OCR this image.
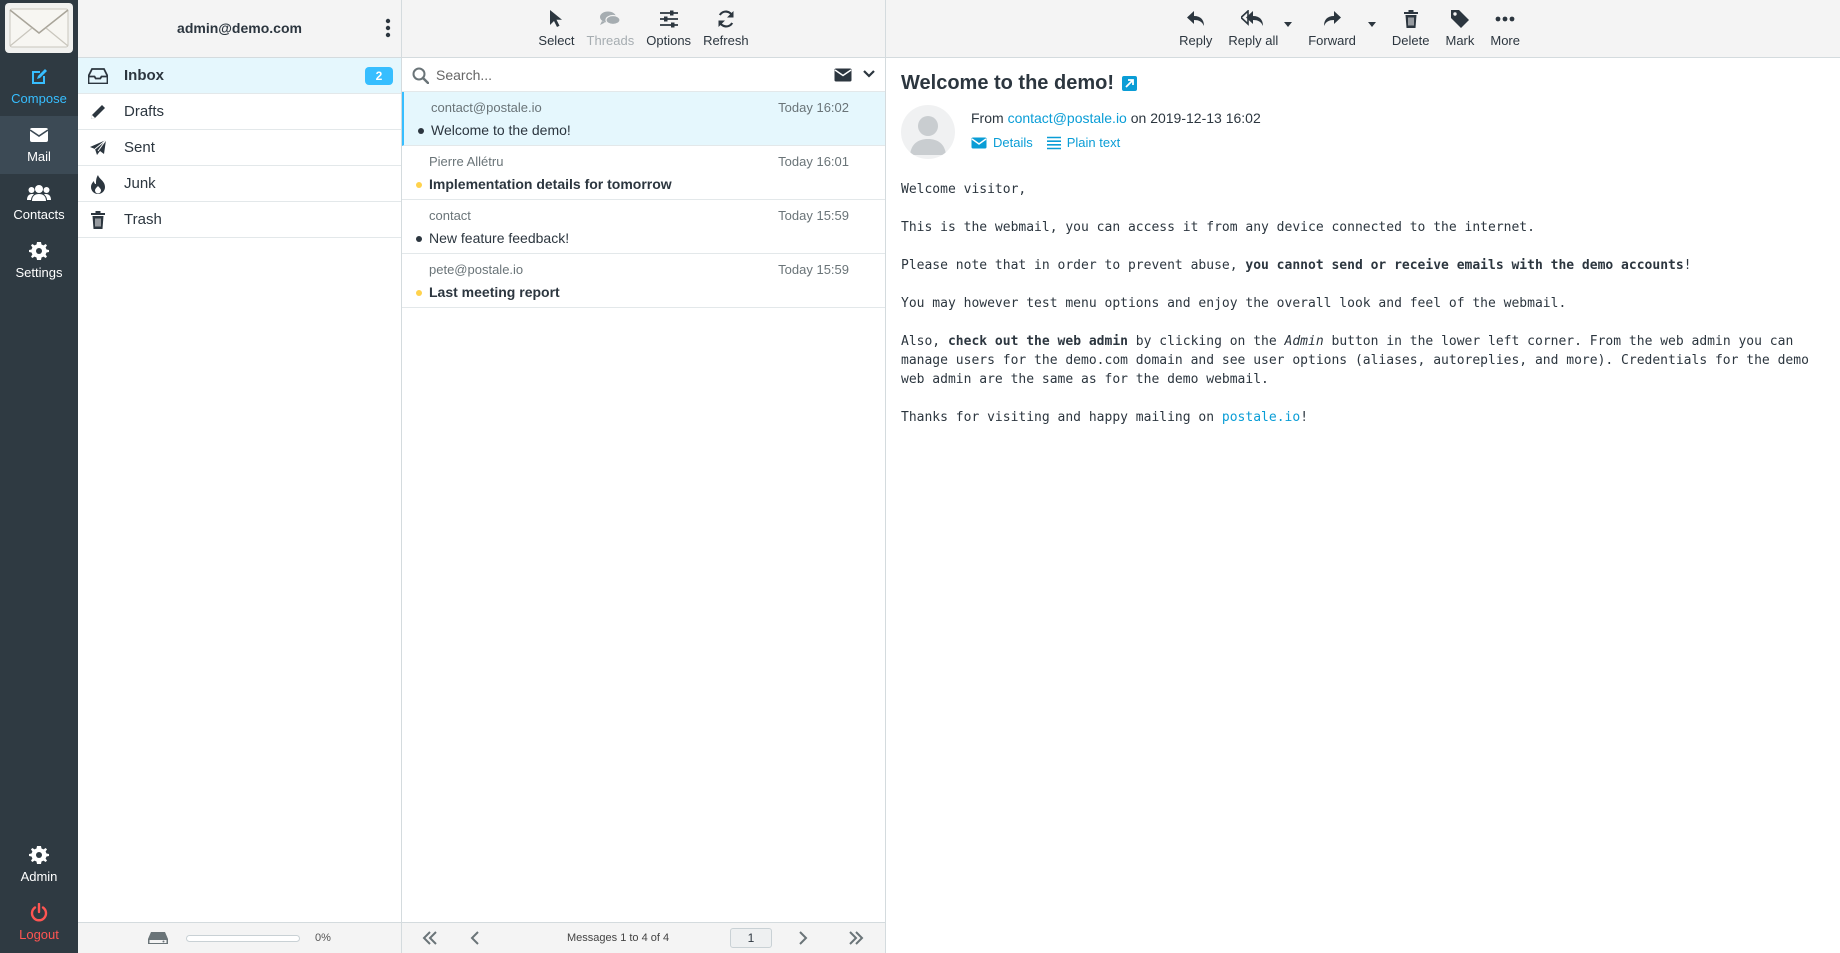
Compose
Mail
Contacts
Settings
Admin
Logout
admin@demo.com
Inbox	2
Drafts
Sent
Junk
Trash
0%
Select Threads Options Refresh
Search...
contact@postale.io	Today 16:02
Welcome to the demo!
Pierre Allétru	Today 16:01
Implementation details for tomorrow
contact	Today 15:59
New feature feedback!
pete@postale.io	Today 15:59
Last meeting report
Messages 1 to 4 of 4	1
Reply Reply all Forward	Delete Mark More
Welcome to the demo!
From contact@postale.io on 2019-12-13 16:02
Details	Plain text

Welcome visitor,

This is the webmail, you can access it from any device connected to the internet.

Please note that in order to prevent abuse, you cannot send or receive emails with the demo accounts!

You may however test menu options and enjoy the overall look and feel of the webmail.

Also, check out the web admin by clicking on the Admin button in the lower left corner. From the web admin you can manage users for the demo.com domain and see user options (aliases, autoreplies, and more). Credentials for the demo web admin are the same as for the demo webmail.

Thanks for visiting and happy mailing on postale.io!
